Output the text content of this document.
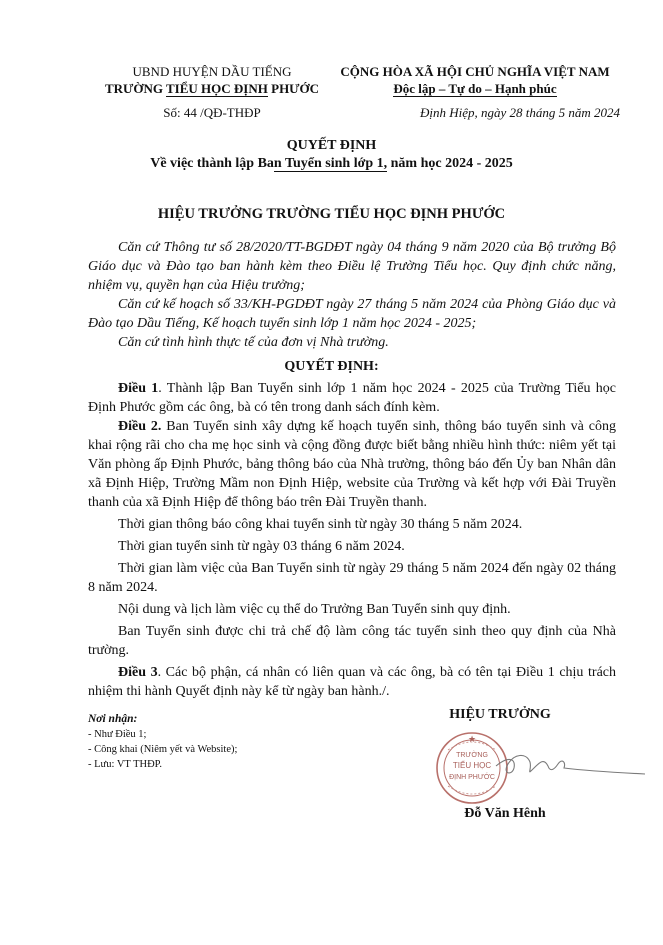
UBND HUYỆN DẦU TIẾNG
TRƯỜNG TIỂU HỌC ĐỊNH PHƯỚC
CỘNG HÒA XÃ HỘI CHỦ NGHĨA VIỆT NAM
Độc lập – Tự do – Hạnh phúc
Số: 44 /QĐ-THĐP	Định Hiệp, ngày 28 tháng 5 năm 2024
QUYẾT ĐỊNH
Về việc thành lập Ban Tuyển sinh lớp 1, năm học 2024 - 2025
HIỆU TRƯỞNG TRƯỜNG TIỂU HỌC ĐỊNH PHƯỚC

Căn cứ Thông tư số 28/2020/TT-BGDĐT ngày 04 tháng 9 năm 2020 của Bộ trưởng Bộ Giáo dục và Đào tạo ban hành kèm theo Điều lệ Trường Tiểu học. Quy định chức năng, nhiệm vụ, quyền hạn của Hiệu trưởng;

Căn cứ kế hoạch số 33/KH-PGDĐT ngày 27 tháng 5 năm 2024 của Phòng Giáo dục và Đào tạo Dầu Tiếng, Kế hoạch tuyển sinh lớp 1 năm học 2024 - 2025;

Căn cứ tình hình thực tế của đơn vị Nhà trường.

QUYẾT ĐỊNH:

Điều 1. Thành lập Ban Tuyển sinh lớp 1 năm học 2024 - 2025 của Trường Tiểu học Định Phước gồm các ông, bà có tên trong danh sách đính kèm.

Điều 2. Ban Tuyển sinh xây dựng kế hoạch tuyển sinh, thông báo tuyển sinh và công khai rộng rãi cho cha mẹ học sinh và cộng đồng được biết bằng nhiều hình thức: niêm yết tại Văn phòng ấp Định Phước, bảng thông báo của Nhà trường, thông báo đến Ủy ban Nhân dân xã Định Hiệp, Trường Mầm non Định Hiệp, website của Trường và kết hợp với Đài Truyền thanh của xã Định Hiệp để thông báo trên Đài Truyền thanh.

Thời gian thông báo công khai tuyển sinh từ ngày 30 tháng 5 năm 2024.

Thời gian tuyển sinh từ ngày 03 tháng 6 năm 2024.

Thời gian làm việc của Ban Tuyển sinh từ ngày 29 tháng 5 năm 2024 đến ngày 02 tháng 8 năm 2024.

Nội dung và lịch làm việc cụ thể do Trưởng Ban Tuyển sinh quy định.

Ban Tuyển sinh được chi trả chế độ làm công tác tuyển sinh theo quy định của Nhà trường.

Điều 3. Các bộ phận, cá nhân có liên quan và các ông, bà có tên tại Điều 1 chịu trách nhiệm thi hành Quyết định này kể từ ngày ban hành./.

Nơi nhận:
- Như Điều 1;
- Công khai (Niêm yết và Website);
- Lưu: VT THĐP.
HIỆU TRƯỞNG
TRƯỜNG
TIỂU HỌC
ĐỊNH PHƯỚC
★
Đỗ Văn Hênh
